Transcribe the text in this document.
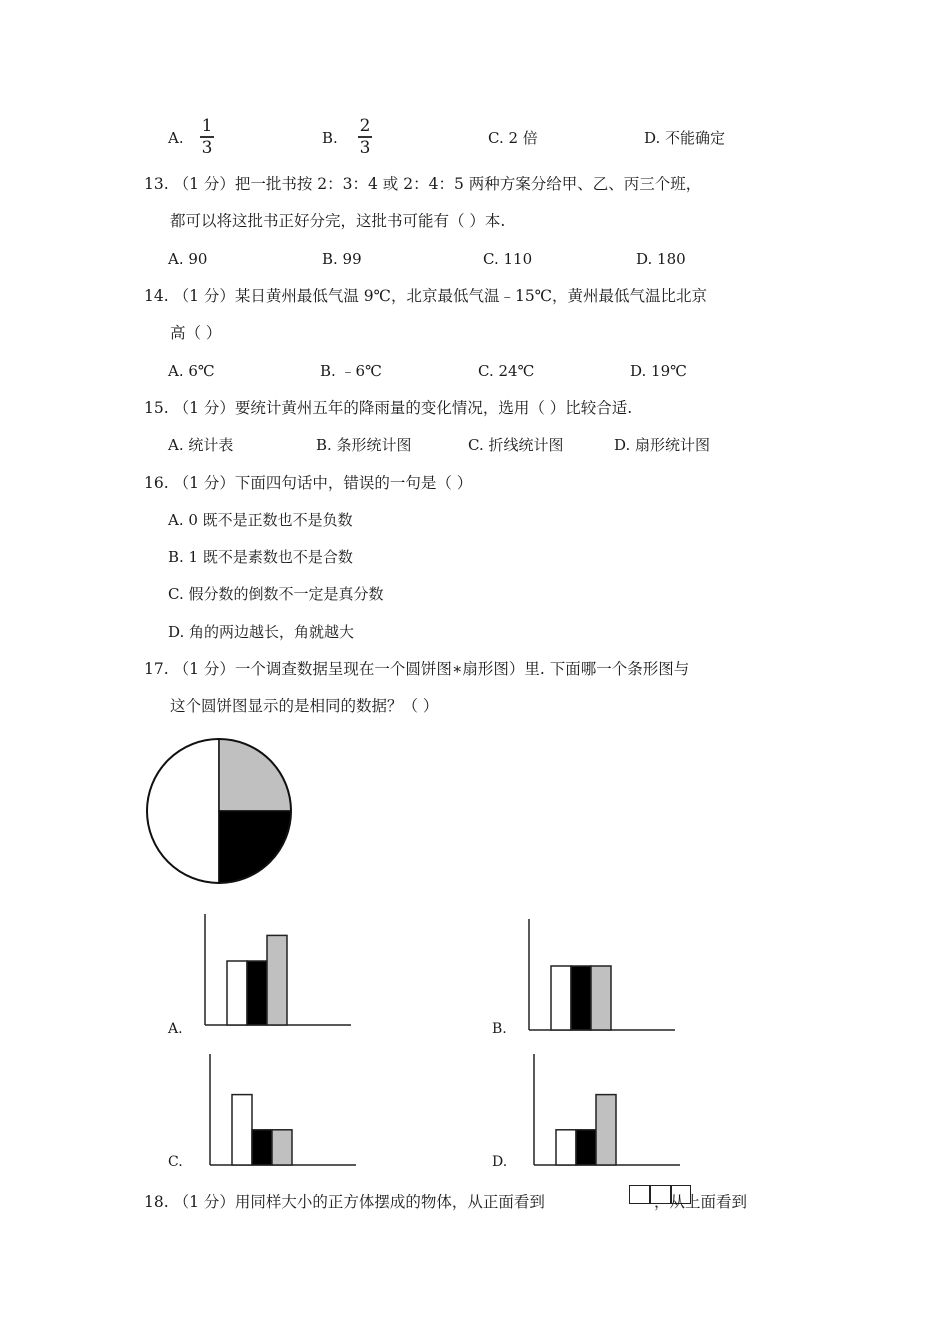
A.
1
3	B.
2
3	C. 2 倍	D. 不能确定
13. （1 分）把一批书按 2：3：4 或 2：4：5 两种方案分给甲、乙、丙三个班，
都可以将这批书正好分完，这批书可能有（ ）本.
A. 90	B. 99	C. 110	D. 180
14. （1 分）某日黄州最低气温 9℃，北京最低气温﹣15℃，黄州最低气温比北京
高（ ）
A. 6℃	B. ﹣6℃	C. 24℃	D. 19℃
15. （1 分）要统计黄州五年的降雨量的变化情况，选用（ ）比较合适.
A. 统计表	B. 条形统计图	C. 折线统计图	D. 扇形统计图
16. （1 分）下面四句话中，错误的一句是（ ）
A. 0 既不是正数也不是负数
B. 1 既不是素数也不是合数
C. 假分数的倒数不一定是真分数
D. 角的两边越长，角就越大
17. （1 分）一个调查数据呈现在一个圆饼图∗扇形图）里. 下面哪一个条形图与
这个圆饼图显示的是相同的数据？（ ）
A.	B.
C.	D.
18. （1 分）用同样大小的正方体摆成的物体，从正面看到	，从上面看到
